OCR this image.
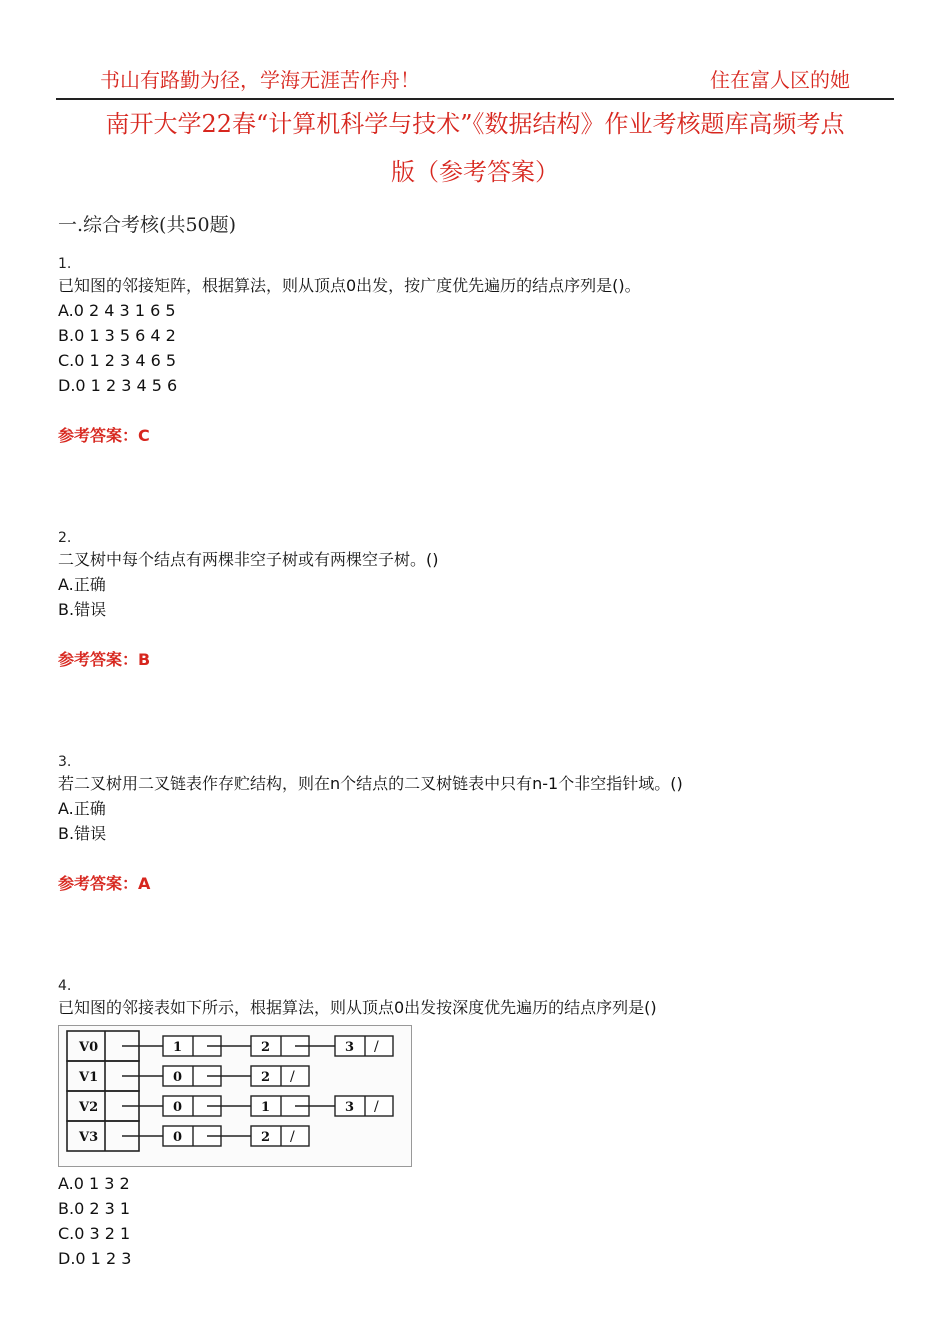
书山有路勤为径，学海无涯苦作舟！	住在富人区的她
南开大学22春“计算机科学与技术”《数据结构》作业考核题库高频考点
版（参考答案）
一.综合考核(共50题)
1.
已知图的邻接矩阵，根据算法，则从顶点0出发，按广度优先遍历的结点序列是()。
A.0 2 4 3 1 6 5
B.0 1 3 5 6 4 2
C.0 1 2 3 4 6 5
D.0 1 2 3 4 5 6
参考答案：C
2.
二叉树中每个结点有两棵非空子树或有两棵空子树。()
A.正确
B.错误
参考答案：B
3.
若二叉树用二叉链表作存贮结构，则在n个结点的二叉树链表中只有n-1个非空指针域。()
A.正确
B.错误
参考答案：A
4.
已知图的邻接表如下所示，根据算法，则从顶点0出发按深度优先遍历的结点序列是()
V0	1	2	3 /
V1	0	2 /
V2	0	1	3 /
V3	0	2 /
A.0 1 3 2
B.0 2 3 1
C.0 3 2 1
D.0 1 2 3
